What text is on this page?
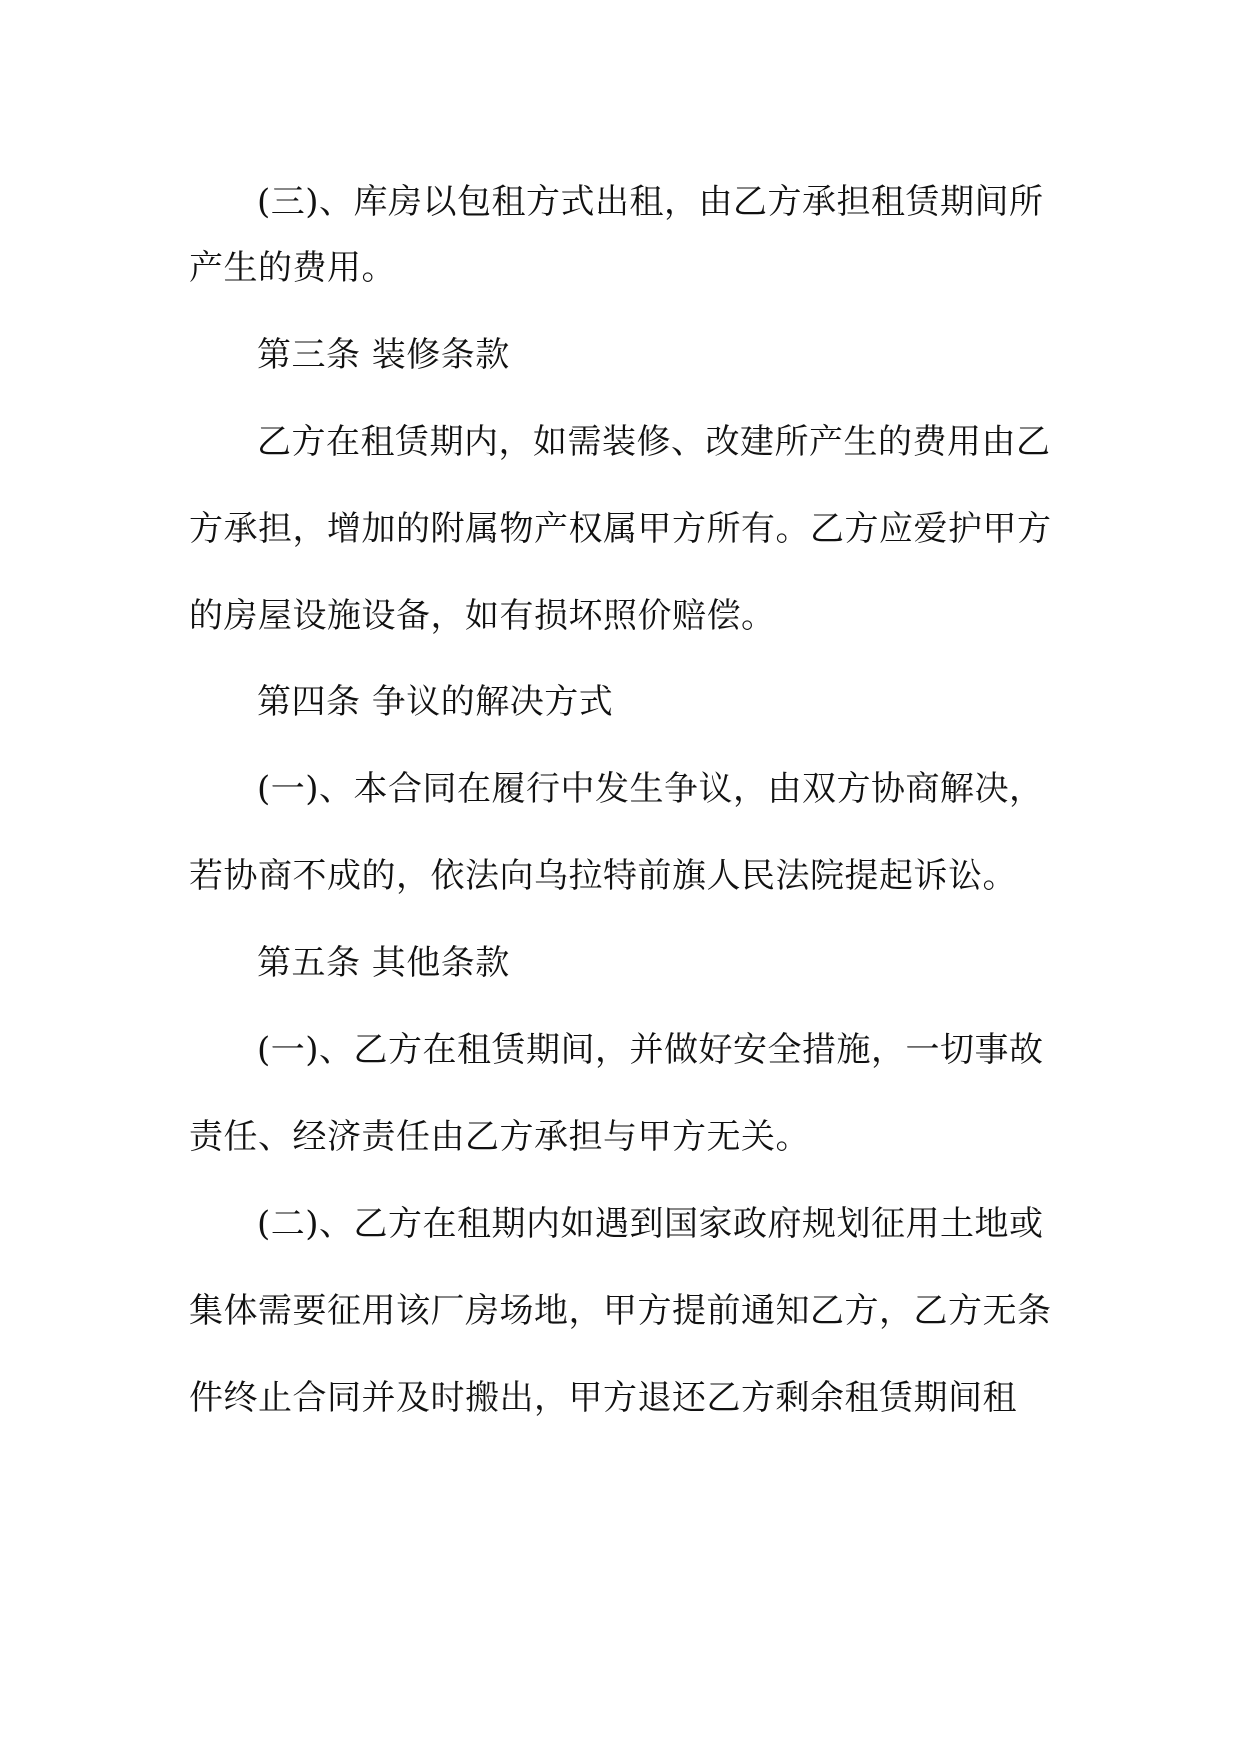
(三)、库房以包租方式出租，由乙方承担租赁期间所
产生的费用。
第三条 装修条款
乙方在租赁期内，如需装修、改建所产生的费用由乙
方承担，增加的附属物产权属甲方所有。乙方应爱护甲方
的房屋设施设备，如有损坏照价赔偿。
第四条 争议的解决方式
(一)、本合同在履行中发生争议，由双方协商解决，
若协商不成的，依法向乌拉特前旗人民法院提起诉讼。
第五条 其他条款
(一)、乙方在租赁期间，并做好安全措施，一切事故
责任、经济责任由乙方承担与甲方无关。
(二)、乙方在租期内如遇到国家政府规划征用土地或
集体需要征用该厂房场地，甲方提前通知乙方，乙方无条
件终止合同并及时搬出，甲方退还乙方剩余租赁期间租
